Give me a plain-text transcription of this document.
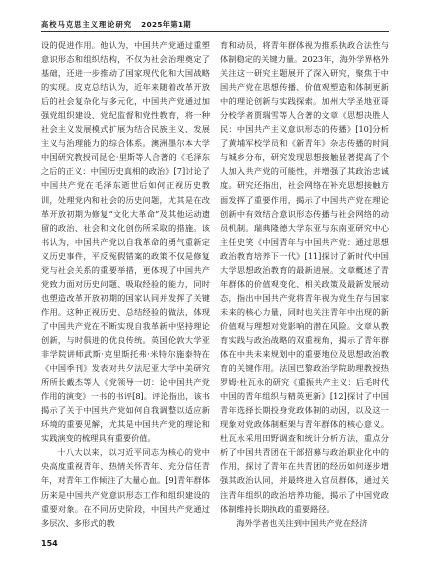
高校马克思主义理论研究 2025年第1期

设的促进作用。他认为，中国共产党通过重塑意识形态和组织结构，不仅为社会治理奠定了基础，还进一步推动了国家现代化和大国战略的实现。皮克总结认为，近年来随着改革开放后的社会复杂化与多元化，中国共产党通过加强党组织建设、党纪监督和党性教育，将一种社会主义发展模式扩展为结合民族主义、发展主义与治理能力的综合体系。澳洲墨尔本大学中国研究教授司昆仑·里斯等人合著的《毛泽东之后的正义：中国历史真相的政治》[7]讨论了中国共产党在毛泽东逝世后如何正视历史教训，处理党内和社会的历史问题，尤其是在改革开放初期为修复“文化大革命”及其他运动遗留的政治、社会和文化创伤所采取的措施。该书认为，中国共产党以自我革命的勇气重新定义历史事件，平反冤假错案的政策不仅是修复党与社会关系的重要举措，更体现了中国共产党致力面对历史问题、吸取经验的能力，同时也塑造改革开放初期的国家认同并发挥了关键作用。这种正视历史、总结经验的做法，体现了中国共产党在不断实现自我革新中坚持理论创新，与时俱进的优良传统。英国伦敦大学亚非学院讲师武斯·克里斯托弗·米特尔施泰特在《中国季刊》发表对共夕法尼亚大学中美研究所所长戴杰等人《党领导一切：论中国共产党作用的演变》一书的书评[8]。评论指出，该书揭示了关于中国共产党如何自我调整以适应新环境的重要见解，尤其是中国共产党的理论和实践演变的梳理具有重要价值。

十八大以来，以习近平同志为核心的党中央高度重视青年、热情关怀青年、充分信任青年，对青年工作倾注了大量心血。[9]青年群体历来是中国共产党意识形态工作和组织建设的重要对象。在不同历史阶段，中国共产党通过多层次、多形式的教

育和动员，将青年群体视为推系执政合法性与体制稳定的关键力量。2023年，海外学界格外关注这一研究主题展开了深入研究，聚焦于中国共产党在思想传播、价值观塑造和体制更新中的理论创新与实践探索。加州大学圣地亚哥分校学者贾瑞雪等人合著的文章《思想决胜人民：中国共产主义意识形态的传播》[10]分析了黄埔军校学员和《新青年》杂志传播的时间与城乡分布，研究发现思想接触显著提高了个人加入共产党的可能性，并增强了其政治忠诚度。研究还指出，社会网络在补充思想接触方面发挥了重要作用，揭示了中国共产党在理论创新中有效结合意识形态传播与社会网络的动员机制。瑞典隆德大学东亚与东南亚研究中心主任史笑《中国青年与中国共产党：通过思想政治教育培养下一代》[11]探讨了新时代中国大学思想政治教育的最新进展。文章概述了青年群体的价值观变化、相关政策及最新发展动态，指出中国共产党将青年视为党生存与国家未来的核心力量，同时也关注青年中出现的新价值观与理想对党影响的潜在风险。文章从教育实践与政治战略的双重视角，揭示了青年群体在中共未来规划中的重要地位及思想政治教育的关键作用。法国巴黎政治学院助理教授热罗姆·杜瓦永的研究《重振共产主义：后毛时代中国的青年组织与精英更新》[12]探讨了中国青年选择长期投身党政体制的动因，以及这一现象对党政体制框架与青年群体的核心意义。杜瓦永采用田野调查和统计分析方法，重点分析了中国共青团在干部招募与政治职业化中的作用，探讨了青年在共青团的经历如何逐步增强其政治认同，并最终进入官员群体，通过关注青年组织的政治培养功能，揭示了中国党政体制维持长期执政的重要路径。

海外学者也关注到中国共产党在经济

154
